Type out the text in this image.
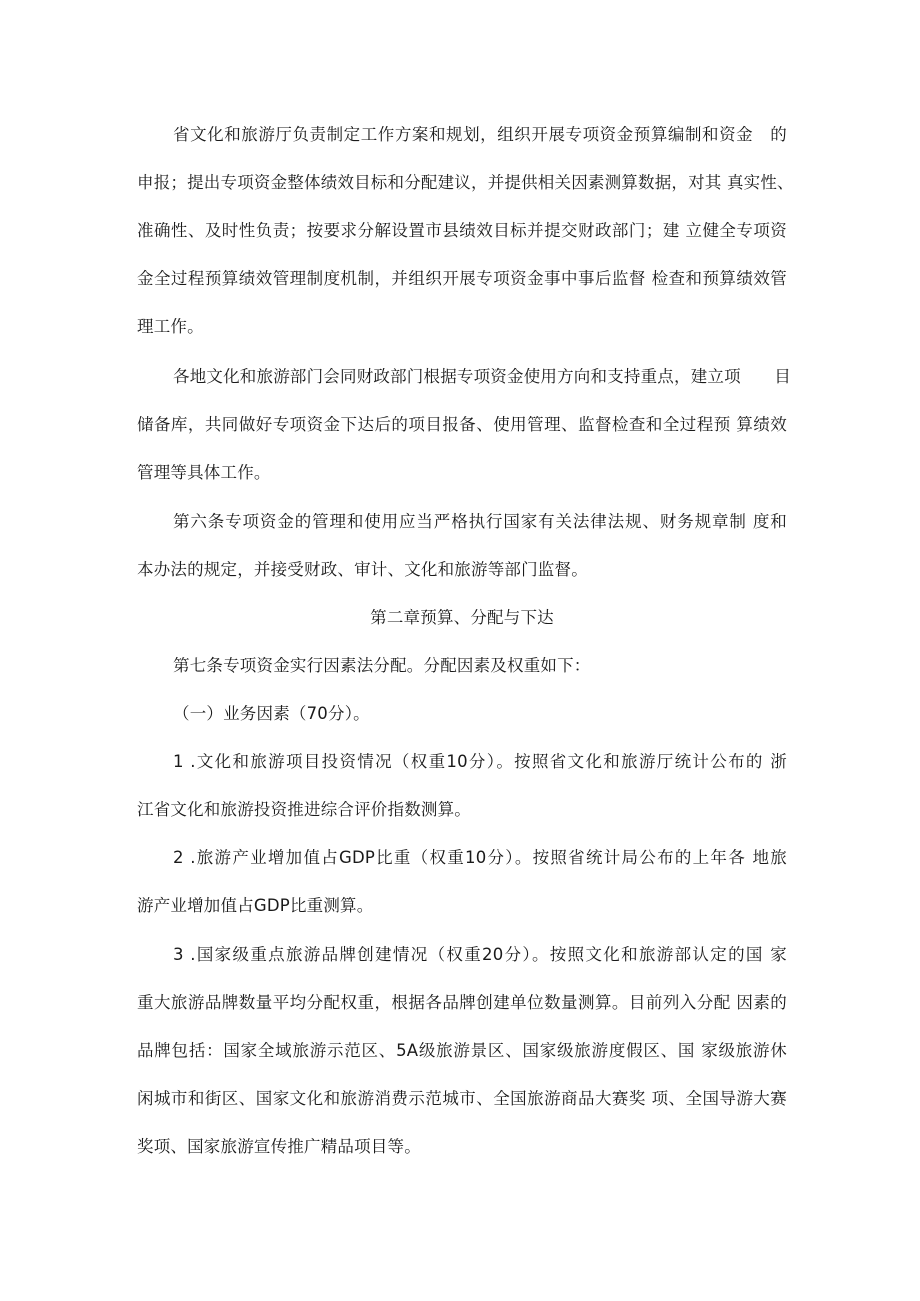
省文化和旅游厅负责制定工作方案和规划，组织开展专项资金预算编制和资金　的
申报；提出专项资金整体绩效目标和分配建议，并提供相关因素测算数据，对其 真实性、
准确性、及时性负责；按要求分解设置市县绩效目标并提交财政部门；建 立健全专项资
金全过程预算绩效管理制度机制，并组织开展专项资金事中事后监督 检查和预算绩效管
理工作。
各地文化和旅游部门会同财政部门根据专项资金使用方向和支持重点，建立项　　目
储备库，共同做好专项资金下达后的项目报备、使用管理、监督检查和全过程预 算绩效
管理等具体工作。
第六条专项资金的管理和使用应当严格执行国家有关法律法规、财务规章制 度和
本办法的规定，并接受财政、审计、文化和旅游等部门监督。
第二章预算、分配与下达
第七条专项资金实行因素法分配。分配因素及权重如下：
（一）业务因素（70分）。
1 .文化和旅游项目投资情况（权重10分）。按照省文化和旅游厅统计公布的 浙
江省文化和旅游投资推进综合评价指数测算。
2 .旅游产业增加值占GDP比重（权重10分）。按照省统计局公布的上年各 地旅
游产业增加值占GDP比重测算。
3 .国家级重点旅游品牌创建情况（权重20分）。按照文化和旅游部认定的国 家
重大旅游品牌数量平均分配权重，根据各品牌创建单位数量测算。目前列入分配 因素的
品牌包括：国家全域旅游示范区、5A级旅游景区、国家级旅游度假区、国 家级旅游休
闲城市和街区、国家文化和旅游消费示范城市、全国旅游商品大赛奖 项、全国导游大赛
奖项、国家旅游宣传推广精品项目等。
